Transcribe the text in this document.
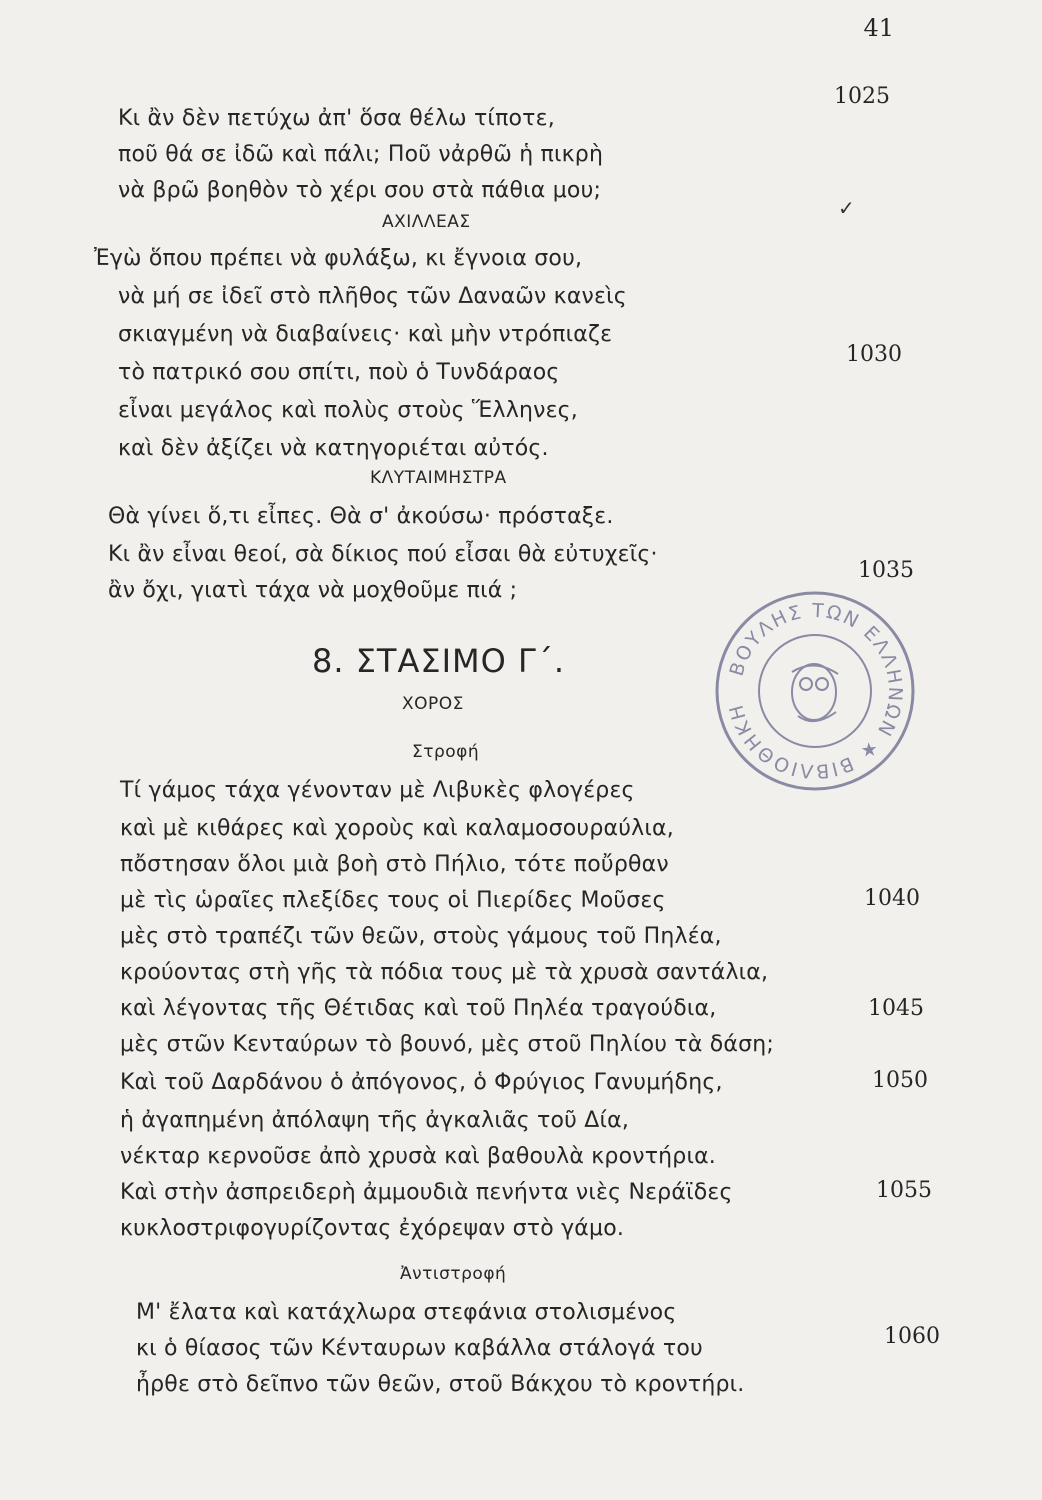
41
Κι ἂν δὲν πετύχω ἀπ' ὅσα θέλω τίποτε,
ποῦ θά σε ἰδῶ καὶ πάλι; Ποῦ νἀρθῶ ἡ πικρὴ
νὰ βρῶ βοηθὸν τὸ χέρι σου στὰ πάθια μου;
ΑΧΙΛΛΕΑΣ
Ἐγὼ ὅπου πρέπει νὰ φυλάξω, κι ἔγνοια σου,
νὰ μή σε ἰδεῖ στὸ πλῆθος τῶν Δαναῶν κανεὶς
σκιαγμένη νὰ διαβαίνεις· καὶ μὴν ντρόπιαζε
τὸ πατρικό σου σπίτι, ποὺ ὁ Τυνδάραος
εἶναι μεγάλος καὶ πολὺς στοὺς Ἕλληνες,
καὶ δὲν ἀξίζει νὰ κατηγοριέται αὐτός.
ΚΛΥΤΑΙΜΗΣΤΡΑ
Θὰ γίνει ὅ,τι εἶπες. Θὰ σ' ἀκούσω· πρόσταξε.
Κι ἂν εἶναι θεοί, σὰ δίκιος πού εἶσαι θὰ εὐτυχεῖς·
ἂν ὄχι, γιατὶ τάχα νὰ μοχθοῦμε πιά ;
8. ΣΤΑΣΙΜΟ Γ΄.
ΧΟΡΟΣ
Στροφή
Τί γάμος τάχα γένονταν μὲ Λιβυκὲς φλογέρες
καὶ μὲ κιθάρες καὶ χοροὺς καὶ καλαμοσουραύλια,
πὄστησαν ὅλοι μιὰ βοὴ στὸ Πήλιο, τότε ποὔρθαν
μὲ τὶς ὡραῖες πλεξίδες τους οἱ Πιερίδες Μοῦσες
μὲς στὸ τραπέζι τῶν θεῶν, στοὺς γάμους τοῦ Πηλέα,
κρούοντας στὴ γῆς τὰ πόδια τους μὲ τὰ χρυσὰ σαντάλια,
καὶ λέγοντας τῆς Θέτιδας καὶ τοῦ Πηλέα τραγούδια,
μὲς στῶν Κενταύρων τὸ βουνό, μὲς στοῦ Πηλίου τὰ δάση;
Καὶ τοῦ Δαρδάνου ὁ ἀπόγονος, ὁ Φρύγιος Γανυμήδης,
ἡ ἀγαπημένη ἀπόλαψη τῆς ἀγκαλιᾶς τοῦ Δία,
νέκταρ κερνοῦσε ἀπὸ χρυσὰ καὶ βαθουλὰ κροντήρια.
Καὶ στὴν ἀσπρειδερὴ ἀμμουδιὰ πενήντα νιὲς Νεράϊδες
κυκλοστριφογυρίζοντας ἐχόρεψαν στὸ γάμο.
Ἀντιστροφή
Μ' ἔλατα καὶ κατάχλωρα στεφάνια στολισμένος
κι ὁ θίασος τῶν Κένταυρων καβάλλα στάλογά του
ἦρθε στὸ δεῖπνο τῶν θεῶν, στοῦ Βάκχου τὸ κροντήρι.
1025
1030
1035
1040
1045
1050
1055
1060
✓
ΒΟΥΛΗΣ ΤΩΝ ΕΛΛΗΝΩΝ ★ ΒΙΒΛΙΟΘΗΚΗ
